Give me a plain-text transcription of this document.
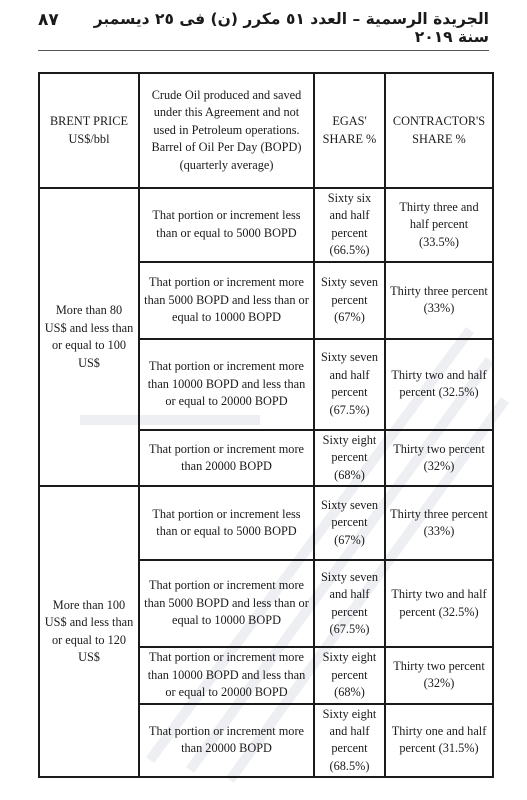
الجريدة الرسمية – العدد ٥١ مكرر (ن) فى ٢٥ ديسمبر سنة ٢٠١٩
٨٧
BRENT PRICE US$/bbl	Crude Oil produced and saved under this Agreement and not used in Petroleum operations. Barrel of Oil Per Day (BOPD) (quarterly average)	EGAS' SHARE %	CONTRACTOR'S SHARE %
More than 80 US$ and less than or equal to 100 US$	That portion or increment less than or equal to 5000 BOPD	Sixty six and half percent (66.5%)	Thirty three and half percent (33.5%)
	That portion or increment more than 5000 BOPD and less than or equal to 10000 BOPD	Sixty seven percent (67%)	Thirty three percent (33%)
	That portion or increment more than 10000 BOPD and less than or equal to 20000 BOPD	Sixty seven and half percent (67.5%)	Thirty two and half percent (32.5%)
	That portion or increment more than 20000 BOPD	Sixty eight percent (68%)	Thirty two percent (32%)
More than 100 US$ and less than or equal to 120 US$	That portion or increment less than or equal to 5000 BOPD	Sixty seven percent (67%)	Thirty three percent (33%)
	That portion or increment more than 5000 BOPD and less than or equal to 10000 BOPD	Sixty seven and half percent (67.5%)	Thirty two and half percent (32.5%)
	That portion or increment more than 10000 BOPD and less than or equal to 20000 BOPD	Sixty eight percent (68%)	Thirty two percent (32%)
	That portion or increment more than 20000 BOPD	Sixty eight and half percent (68.5%)	Thirty one and half percent (31.5%)
